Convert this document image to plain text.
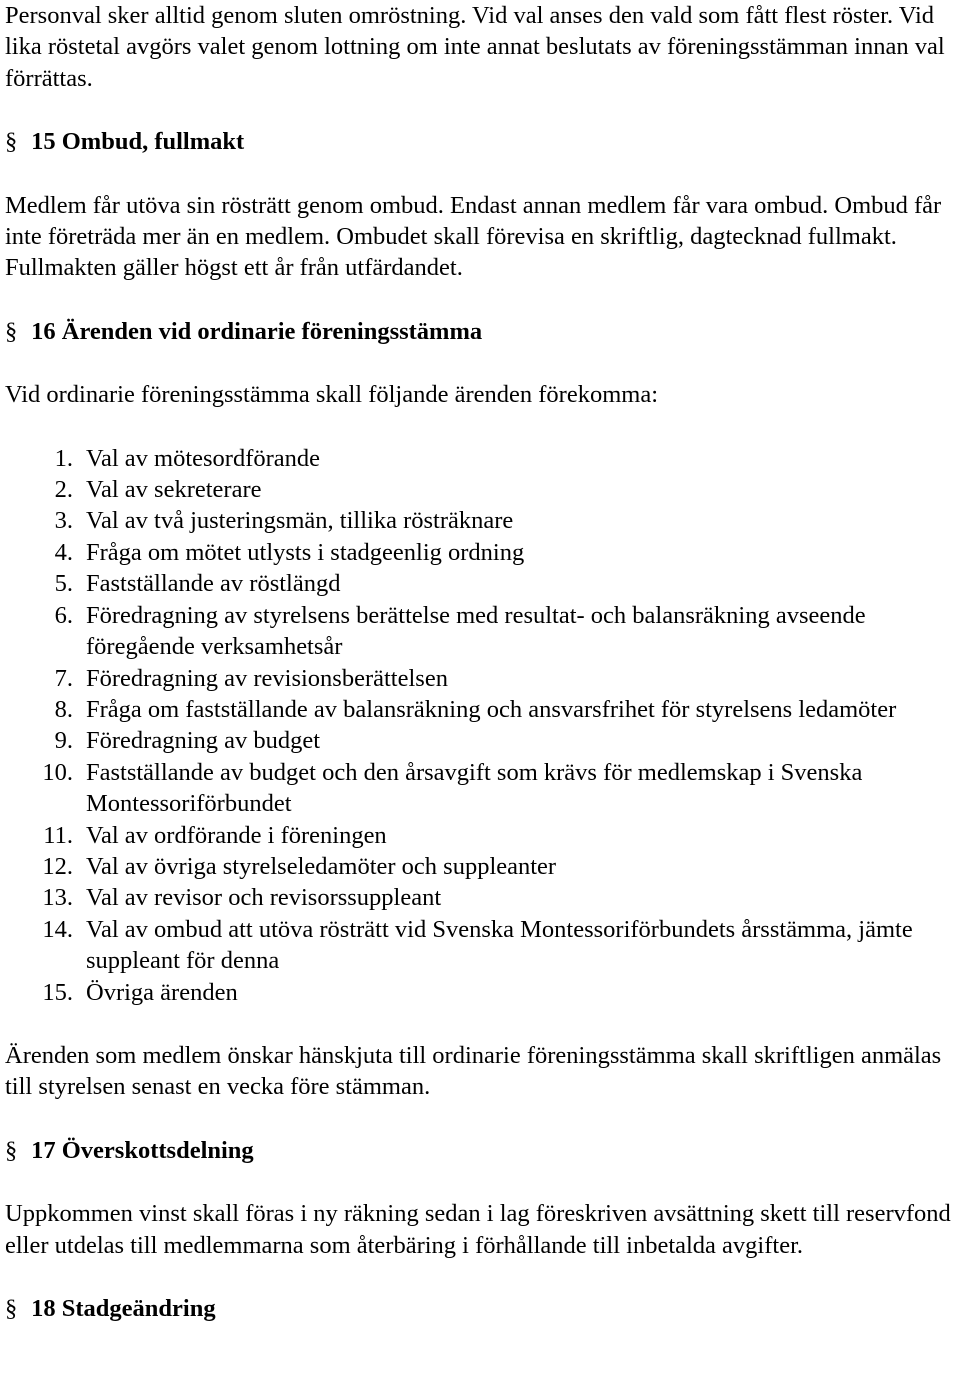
Personval sker alltid genom sluten omröstning. Vid val anses den vald som fått flest röster. Vid lika röstetal avgörs valet genom lottning om inte annat beslutats av föreningsstämman innan val förrättas.

§ 15 Ombud, fullmakt

Medlem får utöva sin rösträtt genom ombud. Endast annan medlem får vara ombud. Ombud får inte företräda mer än en medlem. Ombudet skall förevisa en skriftlig, dagtecknad fullmakt. Fullmakten gäller högst ett år från utfärdandet.

§ 16 Ärenden vid ordinarie föreningsstämma

Vid ordinarie föreningsstämma skall följande ärenden förekomma:

1. Val av mötesordförande
2. Val av sekreterare
3. Val av två justeringsmän, tillika rösträknare
4. Fråga om mötet utlysts i stadgeenlig ordning
5. Fastställande av röstlängd
6. Föredragning av styrelsens berättelse med resultat- och balansräkning avseende föregående verksamhetsår
7. Föredragning av revisionsberättelsen
8. Fråga om fastställande av balansräkning och ansvarsfrihet för styrelsens ledamöter
9. Föredragning av budget
10. Fastställande av budget och den årsavgift som krävs för medlemskap i Svenska Montessoriförbundet
11. Val av ordförande i föreningen
12. Val av övriga styrelseledamöter och suppleanter
13. Val av revisor och revisorssuppleant
14. Val av ombud att utöva rösträtt vid Svenska Montessoriförbundets årsstämma, jämte suppleant för denna
15. Övriga ärenden

Ärenden som medlem önskar hänskjuta till ordinarie föreningsstämma skall skriftligen anmälas till styrelsen senast en vecka före stämman.

§ 17 Överskottsdelning

Uppkommen vinst skall föras i ny räkning sedan i lag föreskriven avsättning skett till reservfond eller utdelas till medlemmarna som återbäring i förhållande till inbetalda avgifter.

§ 18 Stadgeändring
